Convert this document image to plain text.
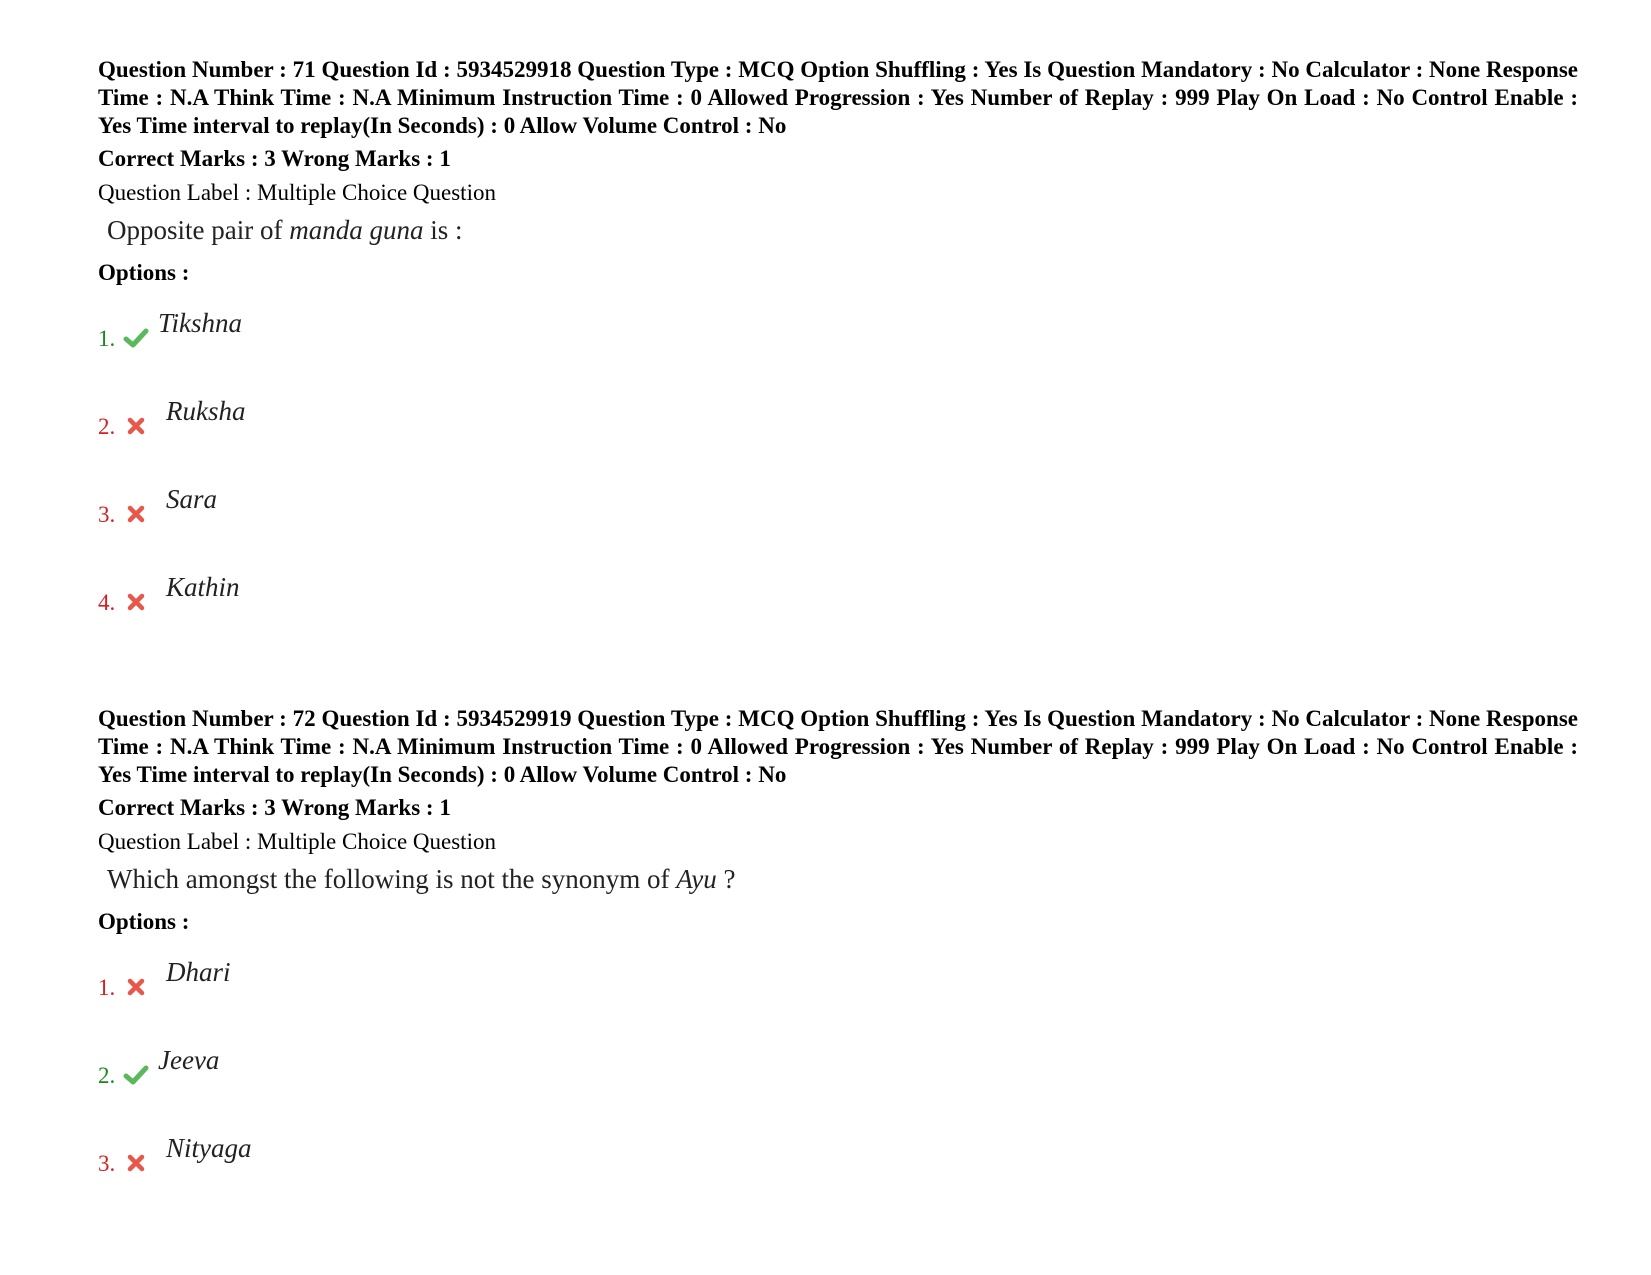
Question Number : 71 Question Id : 5934529918 Question Type : MCQ Option Shuffling : Yes Is Question Mandatory : No Calculator : None Response Time : N.A Think Time : N.A Minimum Instruction Time : 0 Allowed Progression : Yes Number of Replay : 999 Play On Load : No Control Enable : Yes Time interval to replay(In Seconds) : 0 Allow Volume Control : No

Correct Marks : 3 Wrong Marks : 1
Question Label : Multiple Choice Question
Opposite pair of manda guna is :
Options :
1.
Tikshna
2.
Ruksha
3.
Sara
4.
Kathin

Question Number : 72 Question Id : 5934529919 Question Type : MCQ Option Shuffling : Yes Is Question Mandatory : No Calculator : None Response Time : N.A Think Time : N.A Minimum Instruction Time : 0 Allowed Progression : Yes Number of Replay : 999 Play On Load : No Control Enable : Yes Time interval to replay(In Seconds) : 0 Allow Volume Control : No

Correct Marks : 3 Wrong Marks : 1
Question Label : Multiple Choice Question
Which amongst the following is not the synonym of Ayu ?
Options :
1.
Dhari
2.
Jeeva
3.
Nityaga
